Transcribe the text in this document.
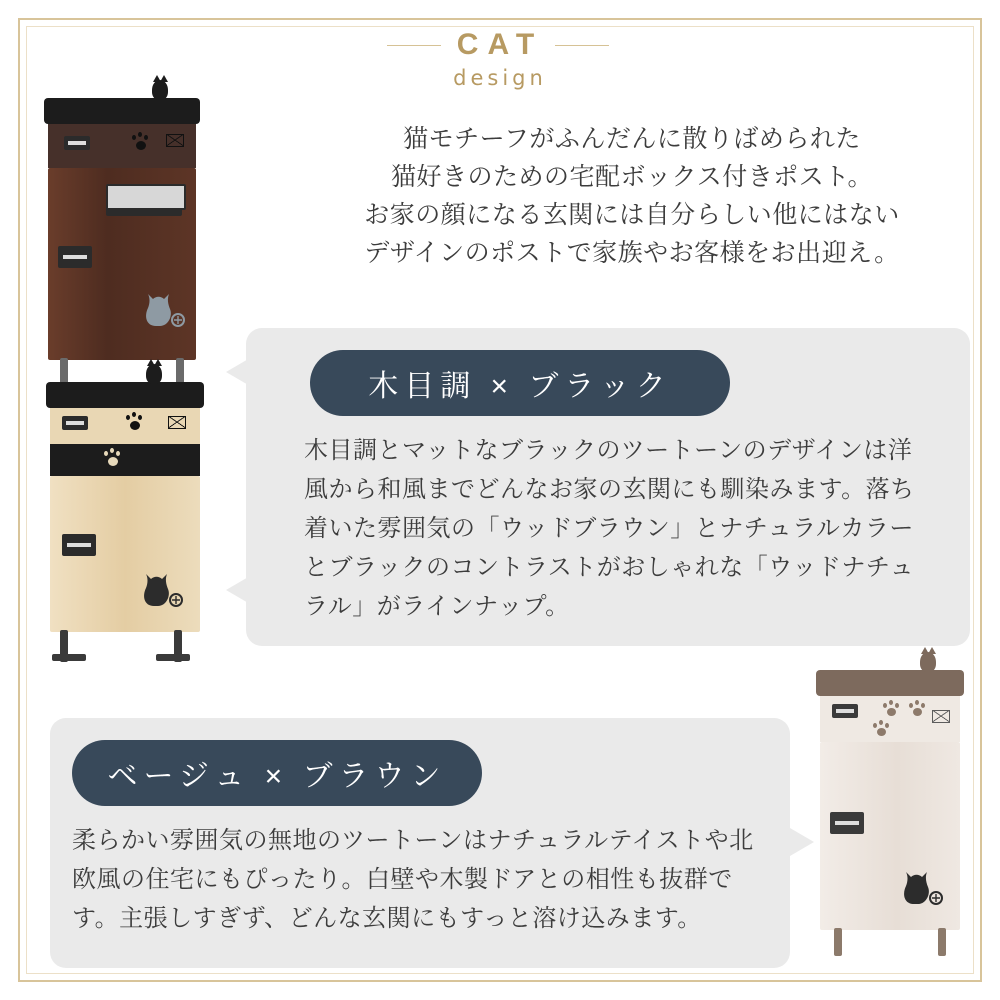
CAT
design
猫モチーフがふんだんに散りばめられた
猫好きのための宅配ボックス付きポスト。
お家の顔になる玄関には自分らしい他にはない
デザインのポストで家族やお客様をお出迎え。
木目調とマットなブラックのツートーンのデザインは洋風から和風までどんなお家の玄関にも馴染みます。落ち着いた雰囲気の「ウッドブラウン」とナチュラルカラーとブラックのコントラストがおしゃれな「ウッドナチュラル」がラインナップ。
木目調 × ブラック
柔らかい雰囲気の無地のツートーンはナチュラルテイストや北欧風の住宅にもぴったり。白壁や木製ドアとの相性も抜群です。主張しすぎず、どんな玄関にもすっと溶け込みます。
ベージュ × ブラウン
